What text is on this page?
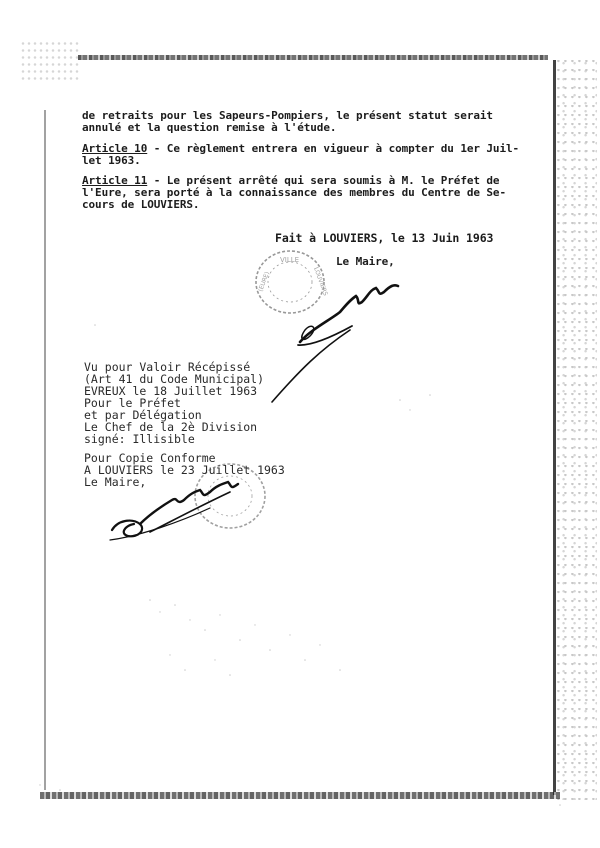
de retraits pour les Sapeurs-Pompiers, le présent statut serait
annulé et la question remise à l'étude.
Article 10 - Ce règlement entrera en vigueur à compter du 1er Juil-
let 1963.
Article 11 - Le présent arrêté qui sera soumis à M. le Préfet de
l'Eure, sera porté à la connaissance des membres du Centre de Se-
cours de LOUVIERS.
Fait à LOUVIERS, le 13 Juin 1963
Le Maire,
Vu pour Valoir Récépissé
(Art 41 du Code Municipal)
EVREUX le 18 Juillet 1963
Pour le Préfet
et par Délégation
Le Chef de la 2è Division
signé: Illisible
Pour Copie Conforme
A LOUVIERS le 23 Juillet 1963
Le Maire,
VILLE
(EURE)	LOUVIERS
